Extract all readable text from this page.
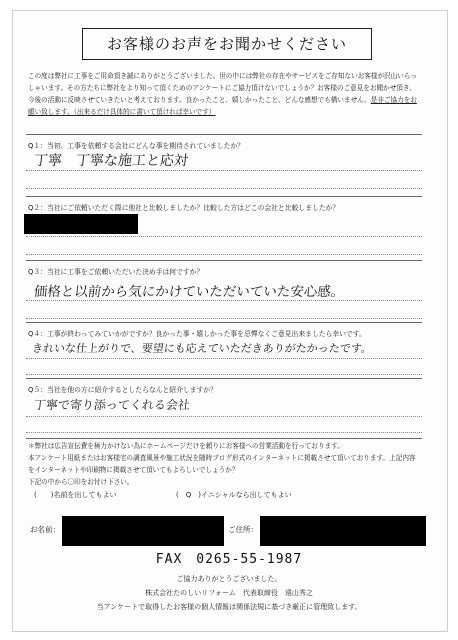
お客様のお声をお聞かせください
この度は弊社に工事をご用命頂き誠にありがとうございました。世の中には弊社の存在やサービスをご存知ないお客様が沢山いらっしゃいます。その方たちに弊社をより知って頂くためのアンケートにご協力頂けないでしょうか？お客様のご意見をお聞かせ頂き、今後の活動に反映させていきたいと考えております。良かったこと、嬉しかったこと、どんな感想でも構いません。是非ご協力をお願い致します。（出来るだけ具体的に書いて頂ければ幸いです）
Q１：当初、工事を依頼する会社にどんな事を期待されていましたか？
丁寧　丁寧な施工と応対
Q２：当社にご依頼いただく際に他社と比較しましたか？比較した方はどこの会社と比較しましたか？
Q３：当社に工事をご依頼いただいた決め手は何ですか？
価格と以前から気にかけていただいていた安心感。
Q４：工事が終わってみていかがですか？良かった事・嬉しかった事を忌憚なくご意見出来ましたら幸いです。
きれいな仕上がりで、要望にも応えていただきありがたかったです。
Q５：当社を他の方に紹介するとしたらなんと紹介しますか？
丁寧で寄り添ってくれる会社
＊弊社は広告宣伝費を極力かけない為にホームページだけを頼りにお客様への営業活動を行っております。
本アンケート用紙またはお客様宅の調査風景や施工状況を随時ブログ形式のインターネットに掲載させて頂いております。上記内容をインターネットや印刷物に掲載させて頂いてもよろしいでしょうか？
下記の中から〇印をお付け下さい。
(　　)名前を出してもよい	(　Q　)イニシャルなら出してもよい
お名前：	ご住所：
FAX　0265-55-1987
ご協力ありがとうございました。
株式会社たのしいリフォーム　代表取締役　遠山秀之
当アンケートで取得したお客様の個人情報は関係法規に基づき厳正に管理致します。
